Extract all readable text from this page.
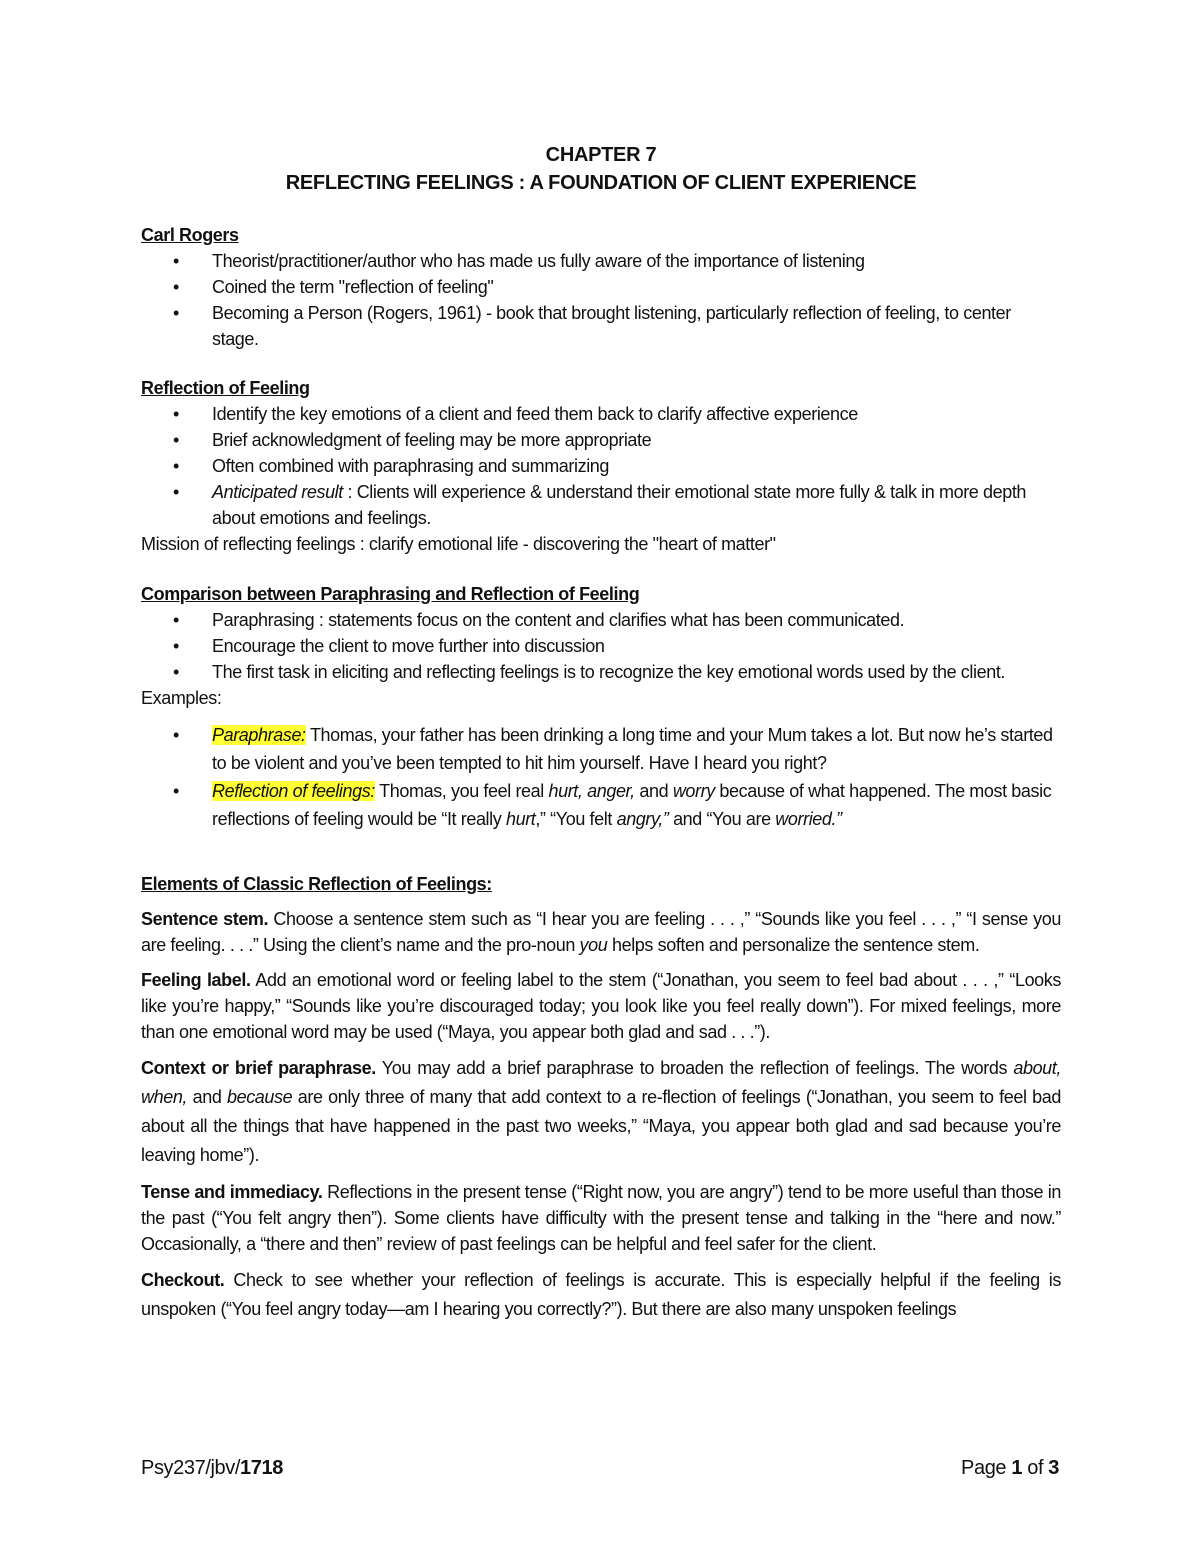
CHAPTER 7

REFLECTING FEELINGS : A FOUNDATION OF CLIENT EXPERIENCE

Carl Rogers

• Theorist/practitioner/author who has made us fully aware of the importance of listening
• Coined the term "reflection of feeling"
• Becoming a Person (Rogers, 1961) - book that brought listening, particularly reflection of feeling, to center stage.

Reflection of Feeling

• Identify the key emotions of a client and feed them back to clarify affective experience
• Brief acknowledgment of feeling may be more appropriate
• Often combined with paraphrasing and summarizing
• Anticipated result : Clients will experience & understand their emotional state more fully & talk in more depth about emotions and feelings.

Mission of reflecting feelings : clarify emotional life - discovering the "heart of matter"

Comparison between Paraphrasing and Reflection of Feeling

• Paraphrasing : statements focus on the content and clarifies what has been communicated.
• Encourage the client to move further into discussion
• The first task in eliciting and reflecting feelings is to recognize the key emotional words used by the client.

Examples:

• Paraphrase: Thomas, your father has been drinking a long time and your Mum takes a lot. But now he’s started to be violent and you’ve been tempted to hit him yourself. Have I heard you right?
• Reflection of feelings: Thomas, you feel real hurt, anger, and worry because of what happened. The most basic reflections of feeling would be “It really hurt,” “You felt angry,” and “You are worried.”

Elements of Classic Reflection of Feelings:

Sentence stem. Choose a sentence stem such as “I hear you are feeling . . . ,” “Sounds like you feel . . . ,” “I sense you are feeling. . . .” Using the client’s name and the pro-noun you helps soften and personalize the sentence stem.

Feeling label. Add an emotional word or feeling label to the stem (“Jonathan, you seem to feel bad about . . . ,” “Looks like you’re happy,” “Sounds like you’re discouraged today; you look like you feel really down”). For mixed feelings, more than one emotional word may be used (“Maya, you appear both glad and sad . . .”).

Context or brief paraphrase. You may add a brief paraphrase to broaden the reflection of feelings. The words about, when, and because are only three of many that add context to a re-flection of feelings (“Jonathan, you seem to feel bad about all the things that have happened in the past two weeks,” “Maya, you appear both glad and sad because you’re leaving home”).

Tense and immediacy. Reflections in the present tense (“Right now, you are angry”) tend to be more useful than those in the past (“You felt angry then”). Some clients have difficulty with the present tense and talking in the “here and now.” Occasionally, a “there and then” review of past feelings can be helpful and feel safer for the client.

Checkout. Check to see whether your reflection of feelings is accurate. This is especially helpful if the feeling is unspoken (“You feel angry today—am I hearing you correctly?”). But there are also many unspoken feelings

Psy237/jbv/1718	Page 1 of 3
